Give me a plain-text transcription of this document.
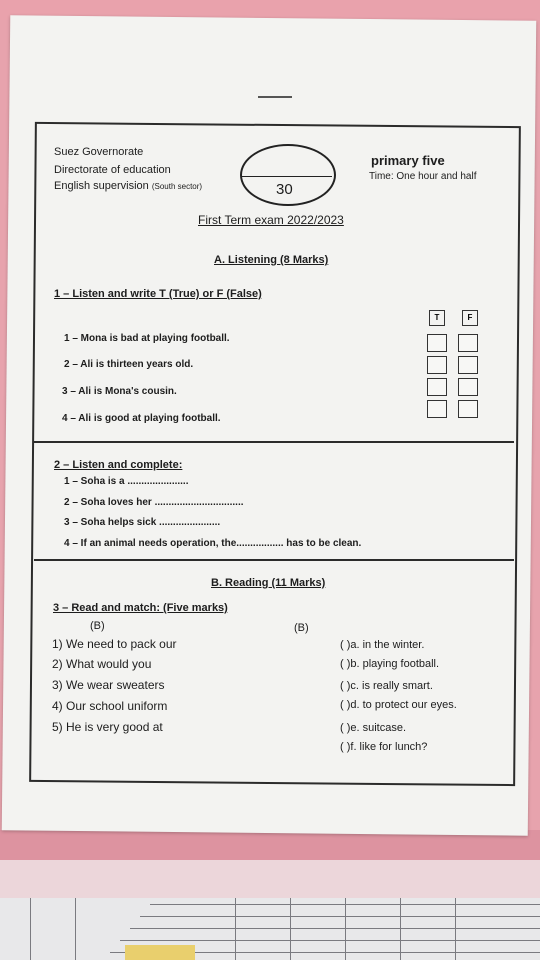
Suez Governorate
Directorate of education
English supervision (South sector)	30
primary five
Time: One hour and half
First Term exam 2022/2023
A. Listening (8 Marks)
1 – Listen and write T (True) or F (False)
T	F
1 – Mona is bad at playing football.
2 – Ali is thirteen years old.
3 – Ali is Mona's cousin.
4 – Ali is good at playing football.
2 – Listen and complete:
1 – Soha is a ......................
2 – Soha loves her ................................
3 – Soha helps sick ......................
4 – If an animal needs operation, the................. has to be clean.
B. Reading (11 Marks)
3 – Read and match: (Five marks)
(B)	(B)
1) We need to pack our
2) What would you
3) We wear sweaters
4) Our school uniform
5) He is very good at
( )a. in the winter.
( )b. playing football.
( )c. is really smart.
( )d. to protect our eyes.
( )e. suitcase.
( )f. like for lunch?
